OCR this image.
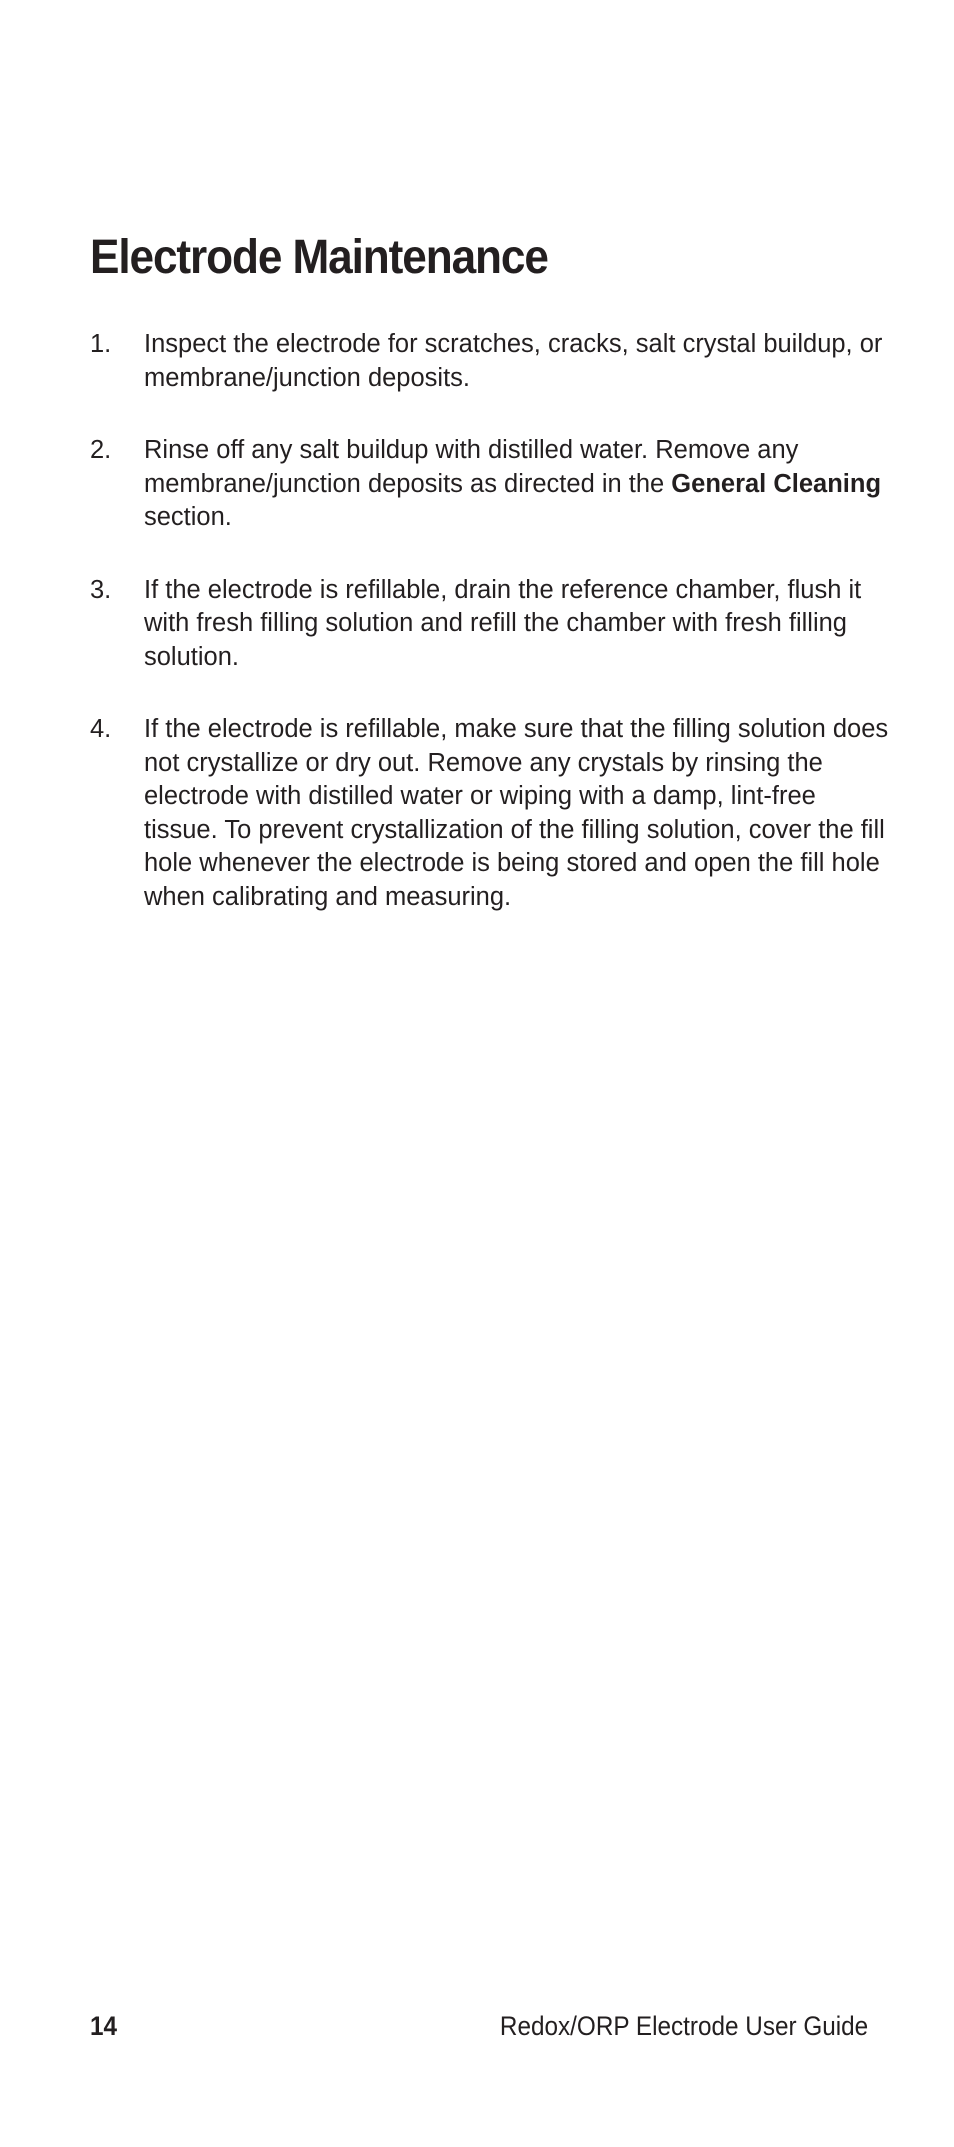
Electrode Maintenance
1. Inspect the electrode for scratches, cracks, salt crystal buildup, or membrane/junction deposits.
2. Rinse off any salt buildup with distilled water. Remove any membrane/junction deposits as directed in the General Cleaning section.
3. If the electrode is refillable, drain the reference chamber, flush it with fresh filling solution and refill the chamber with fresh filling solution.
4. If the electrode is refillable, make sure that the filling solution does not crystallize or dry out. Remove any crystals by rinsing the electrode with distilled water or wiping with a damp, lint-free tissue. To prevent crystallization of the filling solution, cover the fill hole whenever the electrode is being stored and open the fill hole when calibrating and measuring.
14	Redox/ORP Electrode User Guide
